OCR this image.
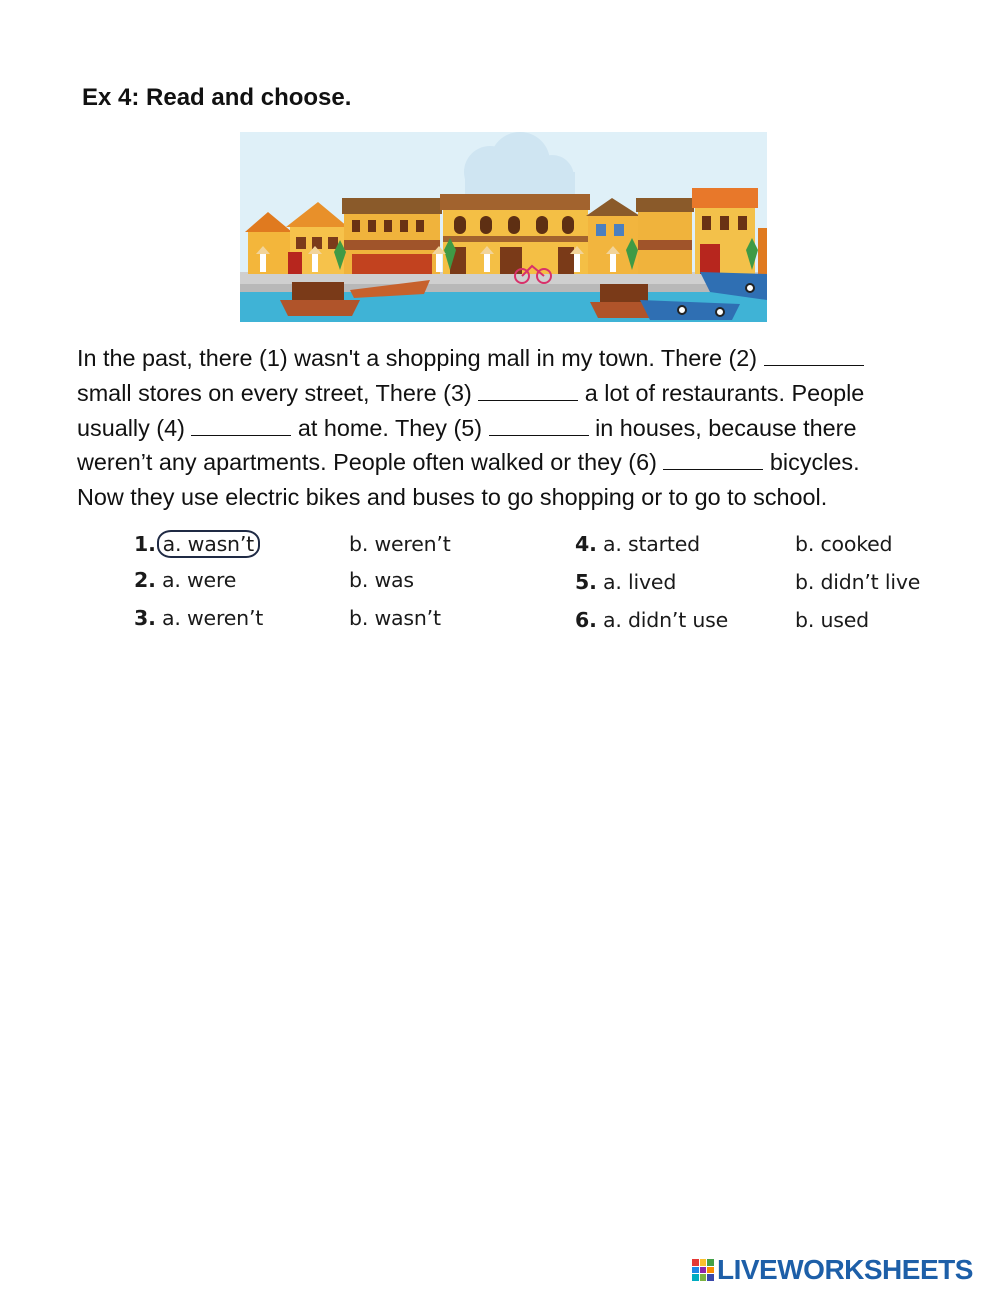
Ex 4: Read and choose.
In the past, there (1) wasn't a shopping mall in my town. There (2)
small stores on every street, There (3)	a lot of restaurants. People
usually (4)	at home. They (5)	in houses, because there
weren’t any apartments. People often walked or they (6)	bicycles.
Now they use electric bikes and buses to go shopping or to go to school.
1. a. wasn’t	b. weren’t
2. a. were	b. was
3. a. weren’t	b. wasn’t
4. a. started	b. cooked
5. a. lived	b. didn’t live
6. a. didn’t use	b. used
LIVEWORKSHEETS
